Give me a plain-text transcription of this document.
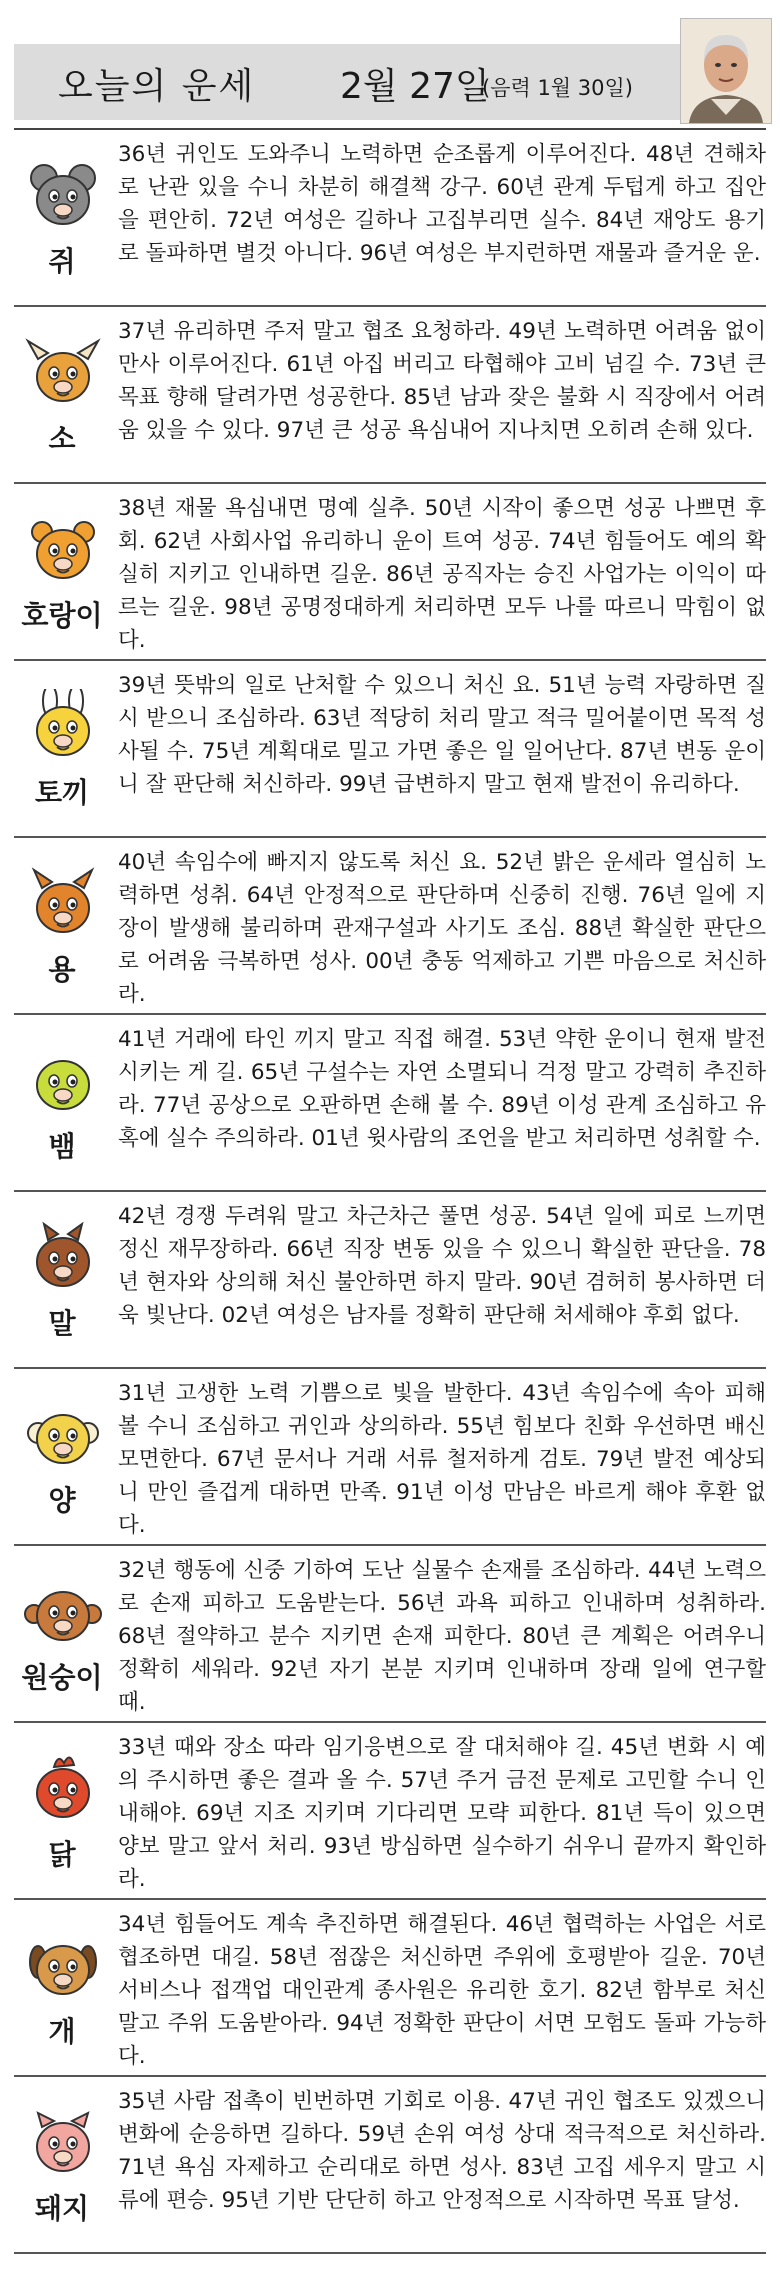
오늘의 운세 2월 27일
(음력 1월 30일)
쥐
36년 귀인도 도와주니 노력하면 순조롭게 이루어진다. 48년 견해차로 난관 있을 수니 차분히 해결책 강구. 60년 관계 두텁게 하고 집안을 편안히. 72년 여성은 길하나 고집부리면 실수. 84년 재앙도 용기로 돌파하면 별것 아니다. 96년 여성은 부지런하면 재물과 즐거운 운.
소
37년 유리하면 주저 말고 협조 요청하라. 49년 노력하면 어려움 없이 만사 이루어진다. 61년 아집 버리고 타협해야 고비 넘길 수. 73년 큰 목표 향해 달려가면 성공한다. 85년 남과 잦은 불화 시 직장에서 어려움 있을 수 있다. 97년 큰 성공 욕심내어 지나치면 오히려 손해 있다.
호랑이
38년 재물 욕심내면 명예 실추. 50년 시작이 좋으면 성공 나쁘면 후회. 62년 사회사업 유리하니 운이 트여 성공. 74년 힘들어도 예의 확실히 지키고 인내하면 길운. 86년 공직자는 승진 사업가는 이익이 따르는 길운. 98년 공명정대하게 처리하면 모두 나를 따르니 막힘이 없다.
토끼
39년 뜻밖의 일로 난처할 수 있으니 처신 요. 51년 능력 자랑하면 질시 받으니 조심하라. 63년 적당히 처리 말고 적극 밀어붙이면 목적 성사될 수. 75년 계획대로 밀고 가면 좋은 일 일어난다. 87년 변동 운이니 잘 판단해 처신하라. 99년 급변하지 말고 현재 발전이 유리하다.
용
40년 속임수에 빠지지 않도록 처신 요. 52년 밝은 운세라 열심히 노력하면 성취. 64년 안정적으로 판단하며 신중히 진행. 76년 일에 지장이 발생해 불리하며 관재구설과 사기도 조심. 88년 확실한 판단으로 어려움 극복하면 성사. 00년 충동 억제하고 기쁜 마음으로 처신하라.
뱀
41년 거래에 타인 끼지 말고 직접 해결. 53년 약한 운이니 현재 발전시키는 게 길. 65년 구설수는 자연 소멸되니 걱정 말고 강력히 추진하라. 77년 공상으로 오판하면 손해 볼 수. 89년 이성 관계 조심하고 유혹에 실수 주의하라. 01년 윗사람의 조언을 받고 처리하면 성취할 수.
말
42년 경쟁 두려워 말고 차근차근 풀면 성공. 54년 일에 피로 느끼면 정신 재무장하라. 66년 직장 변동 있을 수 있으니 확실한 판단을. 78년 현자와 상의해 처신 불안하면 하지 말라. 90년 겸허히 봉사하면 더욱 빛난다. 02년 여성은 남자를 정확히 판단해 처세해야 후회 없다.
양
31년 고생한 노력 기쁨으로 빛을 발한다. 43년 속임수에 속아 피해 볼 수니 조심하고 귀인과 상의하라. 55년 힘보다 친화 우선하면 배신 모면한다. 67년 문서나 거래 서류 철저하게 검토. 79년 발전 예상되니 만인 즐겁게 대하면 만족. 91년 이성 만남은 바르게 해야 후환 없다.
원숭이
32년 행동에 신중 기하여 도난 실물수 손재를 조심하라. 44년 노력으로 손재 피하고 도움받는다. 56년 과욕 피하고 인내하며 성취하라. 68년 절약하고 분수 지키면 손재 피한다. 80년 큰 계획은 어려우니 정확히 세워라. 92년 자기 본분 지키며 인내하며 장래 일에 연구할 때.
닭
33년 때와 장소 따라 임기응변으로 잘 대처해야 길. 45년 변화 시 예의 주시하면 좋은 결과 올 수. 57년 주거 금전 문제로 고민할 수니 인내해야. 69년 지조 지키며 기다리면 모략 피한다. 81년 득이 있으면 양보 말고 앞서 처리. 93년 방심하면 실수하기 쉬우니 끝까지 확인하라.
개
34년 힘들어도 계속 추진하면 해결된다. 46년 협력하는 사업은 서로 협조하면 대길. 58년 점잖은 처신하면 주위에 호평받아 길운. 70년 서비스나 접객업 대인관계 종사원은 유리한 호기. 82년 함부로 처신 말고 주위 도움받아라. 94년 정확한 판단이 서면 모험도 돌파 가능하다.
돼지
35년 사람 접촉이 빈번하면 기회로 이용. 47년 귀인 협조도 있겠으니 변화에 순응하면 길하다. 59년 손위 여성 상대 적극적으로 처신하라. 71년 욕심 자제하고 순리대로 하면 성사. 83년 고집 세우지 말고 시류에 편승. 95년 기반 단단히 하고 안정적으로 시작하면 목표 달성.
